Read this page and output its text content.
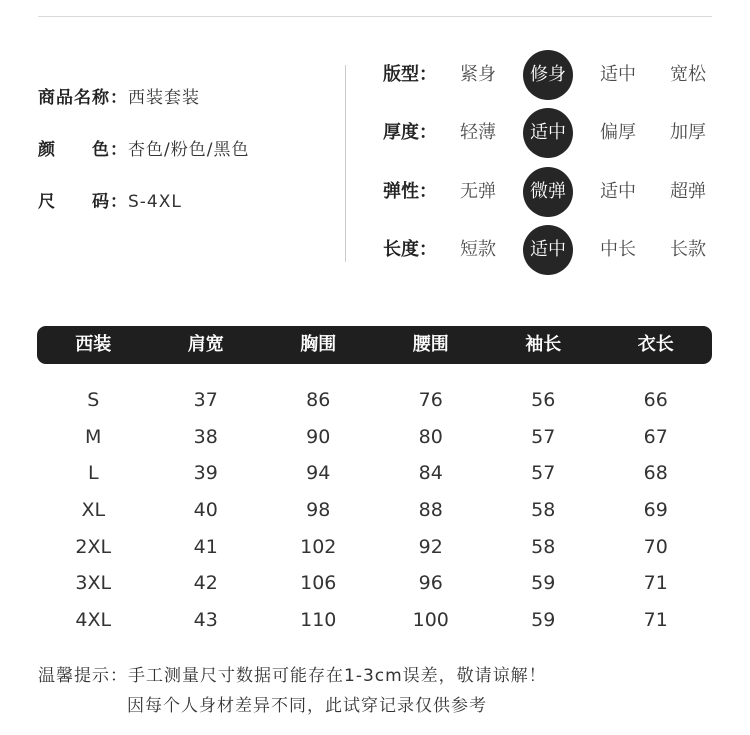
商品名称：西装套装
颜　　色：杏色/粉色/黑色
尺　　码：S-4XL
版型：	紧身	修身	适中	宽松
厚度：	轻薄	适中	偏厚	加厚
弹性：	无弹	微弹	适中	超弹
长度：	短款	适中	中长	长款
西装	肩宽	胸围	腰围	袖长	衣长
S	37	86	76	56	66
M	38	90	80	57	67
L	39	94	84	57	68
XL	40	98	88	58	69
2XL	41	102	92	58	70
3XL	42	106	96	59	71
4XL	43	110	100	59	71
温馨提示：手工测量尺寸数据可能存在1-3cm误差，敬请谅解！
因每个人身材差异不同，此试穿记录仅供参考
